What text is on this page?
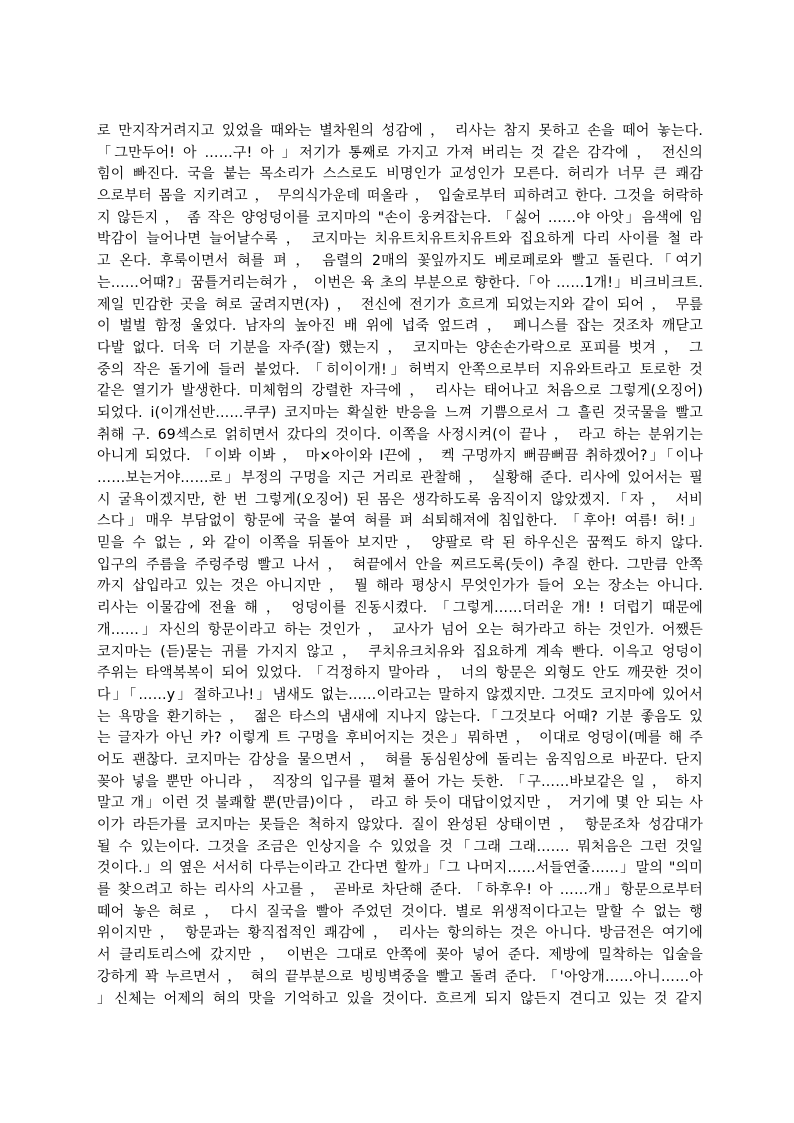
로 만지작거려지고 있었을 때와는 별차원의 성감에 ， 리사는 참지 못하고 손을 떼어 놓는다.
「그만두어! 아 ……구! 아 」저기가 통째로 가지고 가져 버리는 것 같은 감각에 ， 전신의
힘이 빠진다. 국을 붙는 목소리가 스스로도 비명인가 교성인가 모른다. 허리가 너무 큰 쾌감
으로부터 몸을 지키려고 ， 무의식가운데 떠올라 ， 입술로부터 피하려고 한다. 그것을 허락하
지 않든지 ， 좀 작은 양엉덩이를 코지마의 "손이 웅켜잡는다. 「싫어 ……야 아앗」음색에 임
박감이 늘어나면 늘어날수록 ， 코지마는 치유트치유트치유트와 집요하게 다리 사이를 철 라
고 온다. 후룩이면서 혀를 펴 ， 음렬의 2매의 꽃잎까지도 베로페로와 빨고 돌린다.「여기
는……어때?」꿈틀거리는혀가 ， 이번은 육 초의 부분으로 향한다.「아 ……1개!」비크비크트.
제일 민감한 곳을 혀로 굴려지면(자) ， 전신에 전기가 흐르게 되었는지와 같이 되어 ， 무릎
이 벌벌 함정 울었다. 남자의 높아진 배 위에 넙죽 엎드려 ， 페니스를 잡는 것조차 깨닫고
다발 없다. 더욱 더 기분을 자주(잘) 했는지 ， 코지마는 양손손가락으로 포피를 벗겨 ， 그
중의 작은 돌기에 들러 붙었다. 「히이이개!」허벅지 안쪽으로부터 지유와트라고 토로한 것
같은 열기가 발생한다. 미체험의 강렬한 자극에 ， 리사는 태어나고 처음으로 그렇게(오징어)
되었다. i(이개선반……쿠쿠) 코지마는 확실한 반응을 느껴 기쁨으로서 그 흘린 것국물을 빨고
취해 구. 69섹스로 얽히면서 갔다의 것이다. 이쪽을 사정시켜(이 끝나 ， 라고 하는 분위기는
아니게 되었다. 「이봐 이봐 ， 마×아이와 I끈에 ， 켁 구멍까지 뻐끔뻐끔 취하겠어?」「이나
……보는거야……로」부정의 구멍을 지근 거리로 관찰해 ， 실황해 준다. 리사에 있어서는 필
시 굴욕이겠지만, 한 번 그렇게(오징어) 된 몸은 생각하도록 움직이지 않았겠지.「자 ， 서비
스다」매우 부담없이 항문에 국을 붙여 혀를 펴 쇠퇴해져에 침입한다. 「후아! 여름! 허!」
믿을 수 없는 , 와 같이 이쪽을 뒤돌아 보지만 ， 양팔로 락 된 하우신은 꿈쩍도 하지 않다.
입구의 주름을 주렁주렁 빨고 나서 ， 혀끝에서 안을 찌르도록(듯이) 추질 한다. 그만큼 안쪽
까지 삽입라고 있는 것은 아니지만 ， 뭘 해라 평상시 무엇인가가 들어 오는 장소는 아니다.
리사는 이물감에 전율 해 ， 엉덩이를 진동시켰다. 「그렇게……더러운 개! ! 더럽기 때문에
개……」자신의 항문이라고 하는 것인가 ， 교사가 넘어 오는 혀가라고 하는 것인가. 어쨌든
코지마는 (듣)묻는 귀를 가지지 않고 ， 쿠치유크치유와 집요하게 계속 빤다. 이윽고 엉덩이
주위는 타액복복이 되어 있었다. 「걱정하지 말아라 ， 너의 항문은 외형도 안도 깨끗한 것이
다」「……y」절하고나!」냄새도 없는……이라고는 말하지 않겠지만. 그것도 코지마에 있어서
는 욕망을 환기하는 ， 젊은 타스의 냄새에 지나지 않는다.「그것보다 어때? 기분 좋음도 있
는 글자가 아닌 카? 이렇게 트 구멍을 후비어지는 것은」뭐하면 ， 이대로 엉덩이(메를 해 주
어도 괜찮다. 코지마는 감상을 물으면서 ， 혀를 동심원상에 돌리는 움직임으로 바꾼다. 단지
꽂아 넣을 뿐만 아니라 ， 직장의 입구를 펼쳐 풀어 가는 듯한. 「구……바보같은 일 ， 하지
말고 개」이런 것 불쾌할 뿐(만큼)이다 ， 라고 하 듯이 대답이었지만 ， 거기에 몇 안 되는 사
이가 라든가를 코지마는 못들은 척하지 않았다. 질이 완성된 상태이면 ， 항문조차 성감대가
될 수 있는이다. 그것을 조금은 인상지을 수 있었을 것「그래 그래……. 뭐처음은 그런 것일
것이다.」의 옆은 서서히 다루는이라고 간다면 할까」「그 나머지……서들연줄……」말의 "의미
를 찾으려고 하는 리사의 사고를 ， 곧바로 차단해 준다. 「하후우! 아 ……개」항문으로부터
떼어 놓은 혀로 ， 다시 질국을 빨아 주었던 것이다. 별로 위생적이다고는 말할 수 없는 행
위이지만 ， 항문과는 황직접적인 쾌감에 ， 리사는 항의하는 것은 아니다. 방금전은 여기에
서 클리토리스에 갔지만 ， 이번은 그대로 안쪽에 꽂아 넣어 준다. 제방에 밀착하는 입술을
강하게 꽉 누르면서 ， 혀의 끝부분으로 빙빙벽중을 빨고 돌려 준다. 「'아앙개……아니……아
」신체는 어제의 혀의 맛을 기억하고 있을 것이다. 흐르게 되지 않든지 견디고 있는 것 같지
